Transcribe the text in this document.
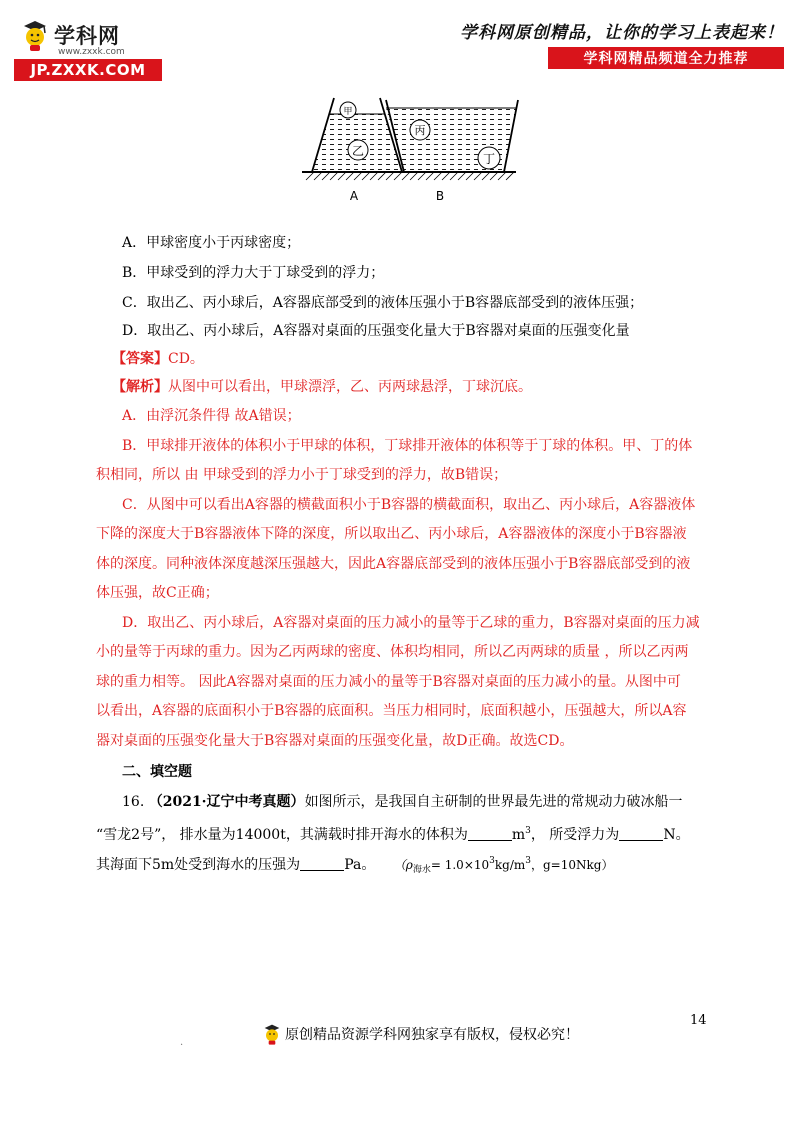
学科网
www.zxxk.com
JP.ZXXK.COM
学科网原创精品，让你的学习上表起来！
学科网精品频道全力推荐
甲
乙
丙
丁
A	B
A．甲球密度小于丙球密度；
B．甲球受到的浮力大于丁球受到的浮力；
C．取出乙、丙小球后，A容器底部受到的液体压强小于B容器底部受到的液体压强；
D．取出乙、丙小球后，A容器对桌面的压强变化量大于B容器对桌面的压强变化量
【答案】CD。
【解析】从图中可以看出，甲球漂浮，乙、丙两球悬浮，丁球沉底。
A．由浮沉条件得 故A错误；
B．甲球排开液体的体积小于甲球的体积，丁球排开液体的体积等于丁球的体积。甲、丁的体
积相同，所以 由 甲球受到的浮力小于丁球受到的浮力，故B错误；
C．从图中可以看出A容器的横截面积小于B容器的横截面积，取出乙、丙小球后，A容器液体
下降的深度大于B容器液体下降的深度，所以取出乙、丙小球后，A容器液体的深度小于B容器液
体的深度。同种液体深度越深压强越大，因此A容器底部受到的液体压强小于B容器底部受到的液
体压强，故C正确；
D．取出乙、丙小球后，A容器对桌面的压力减小的量等于乙球的重力，B容器对桌面的压力减
小的量等于丙球的重力。因为乙丙两球的密度、体积均相同，所以乙丙两球的质量 ，所以乙丙两
球的重力相等。 因此A容器对桌面的压力减小的量等于B容器对桌面的压力减小的量。从图中可
以看出，A容器的底面积小于B容器的底面积。当压力相同时，底面积越小，压强越大，所以A容
器对桌面的压强变化量大于B容器对桌面的压强变化量，故D正确。故选CD。
二、填空题
16. （2021·辽宁中考真题）如图所示，是我国自主研制的世界最先进的常规动力破冰船一
“雪龙2号”， 排水量为14000t，其满载时排开海水的体积为	$m^3$， 所受浮力为	N。
其海面下5m处受到海水的压强为	Pa。 （$\rho_{海水}= 1.0\times 10^3kg/m^3$，g=10Nkg）
14
.	原创精品资源学科网独家享有版权，侵权必究！
